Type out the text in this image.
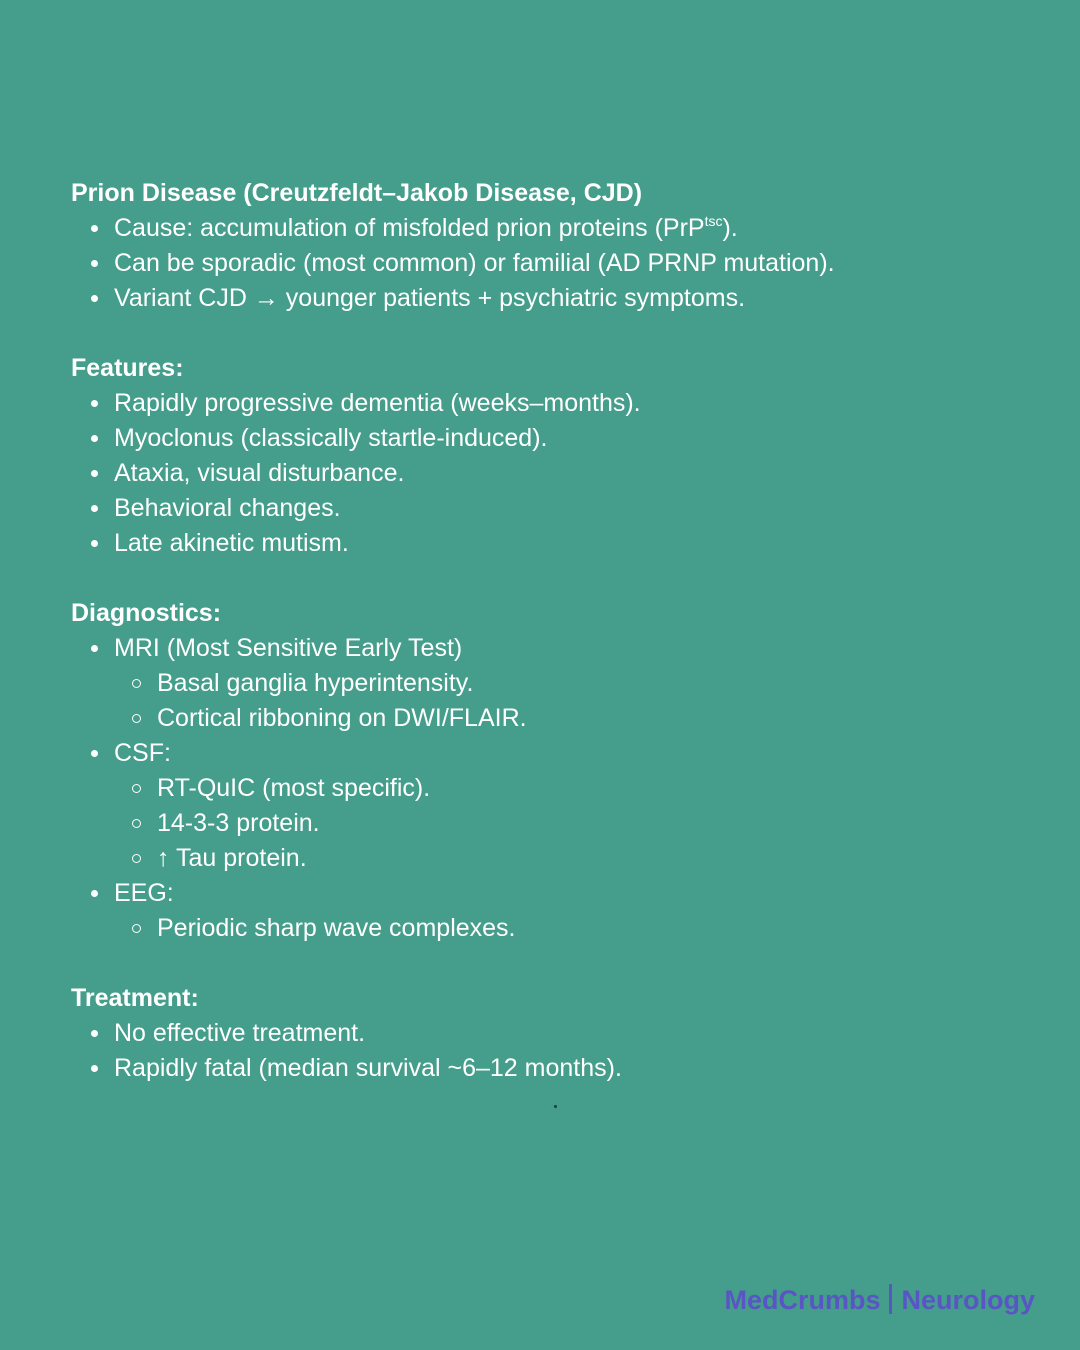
Prion Disease (Creutzfeldt–Jakob Disease, CJD)
Cause: accumulation of misfolded prion proteins (PrP$^{tsc}$).
Can be sporadic (most common) or familial (AD PRNP mutation).
Variant CJD → younger patients + psychiatric symptoms.
Features:
Rapidly progressive dementia (weeks–months).
Myoclonus (classically startle-induced).
Ataxia, visual disturbance.
Behavioral changes.
Late akinetic mutism.
Diagnostics:
MRI (Most Sensitive Early Test)
Basal ganglia hyperintensity.
Cortical ribboning on DWI/FLAIR.
CSF:
RT-QuIC (most specific).
14-3-3 protein.
↑ Tau protein.
EEG:
Periodic sharp wave complexes.
Treatment:
No effective treatment.
Rapidly fatal (median survival ~6–12 months).
MedCrumbs Neurology
